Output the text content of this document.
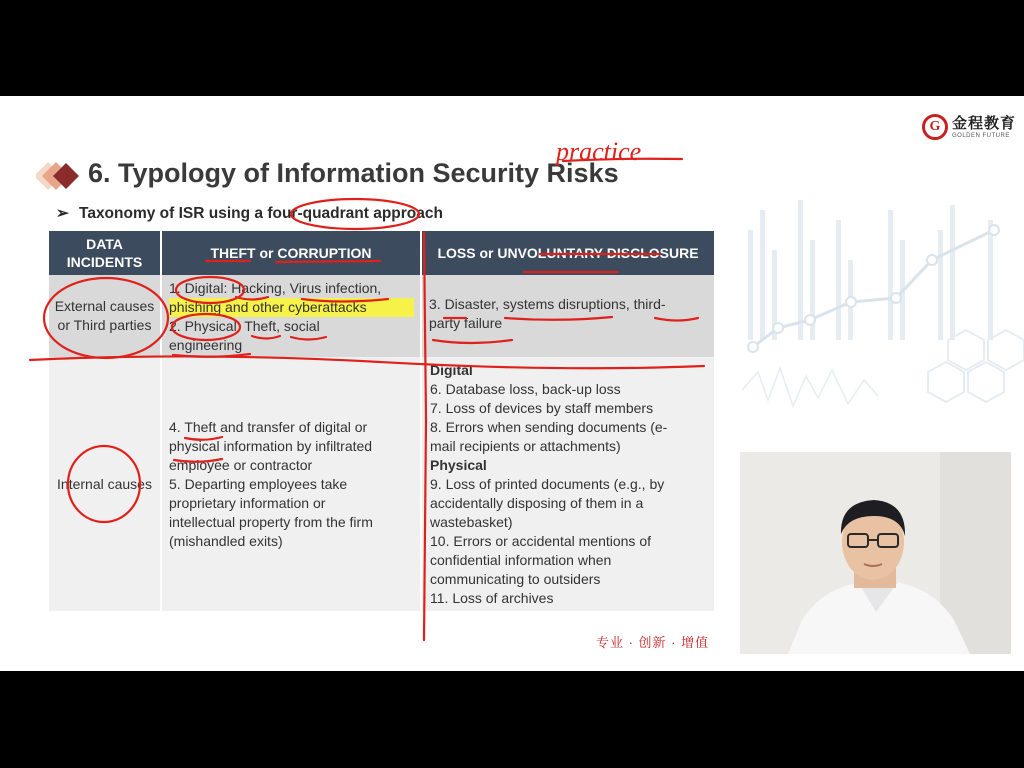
G 金程教育
GOLDEN FUTURE
6. Typology of Information Security Risks
➢ Taxonomy of ISR using a four-quadrant approach
DATA INCIDENTS
THEFT or CORRUPTION	LOSS or UNVOLUNTARY DISCLOSURE
External causes or Third parties
1. Digital: Hacking, Virus infection,
phishing and other cyberattacks
2. Physical: Theft, social
engineering
3. Disaster, systems disruptions, third-
party failure
Internal causes
4. Theft and transfer of digital or
physical information by infiltrated
employee or contractor
5. Departing employees take
proprietary information or
intellectual property from the firm
(mishandled exits)
Digital
6. Database loss, back-up loss
7. Loss of devices by staff members
8. Errors when sending documents (e-
mail recipients or attachments)
Physical
9. Loss of printed documents (e.g., by
accidentally disposing of them in a
wastebasket)
10. Errors or accidental mentions of
confidential information when
communicating to outsiders
11. Loss of archives
专业 · 创新 · 增值
practice
